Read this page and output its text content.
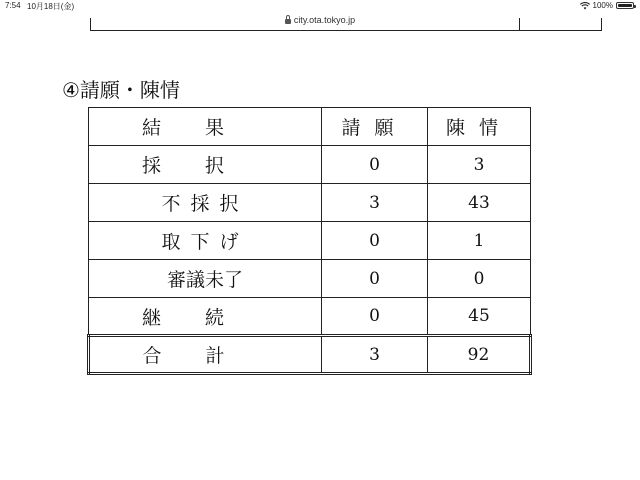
7:54 10月18日(金)	100%
city.ota.tokyo.jp
④請願・陳情
結果	請願	陳情
採択	0	3
不採択	3	43
取下げ	0	1
審議未了	0	0
継続	0	45
合計	3	92
